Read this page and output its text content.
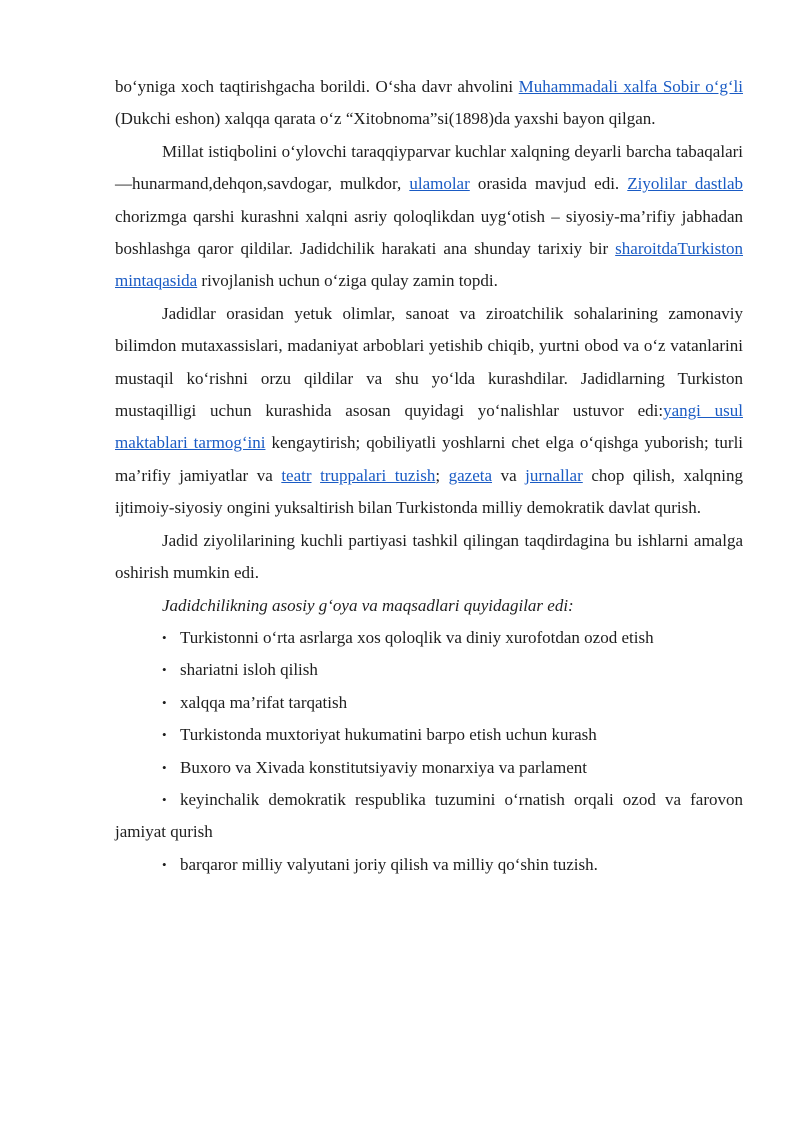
bo‘yniga xoch taqtirishgacha borildi. O‘sha davr ahvolini Muhammadali xalfa Sobir o‘g‘li (Dukchi eshon) xalqqa qarata o‘z “Xitobnoma”si(1898)da yaxshi bayon qilgan.

Millat istiqbolini o‘ylovchi taraqqiyparvar kuchlar xalqning deyarli barcha tabaqalari—hunarmand,dehqon,savdogar, mulkdor, ulamolar orasida mavjud edi. Ziyolilar dastlab chorizmga qarshi kurashni xalqni asriy qoloqlikdan uyg‘otish – siyosiy-ma’rifiy jabhadan boshlashga qaror qildilar. Jadidchilik harakati ana shunday tarixiy bir sharoitdaTurkiston mintaqasida rivojlanish uchun o‘ziga qulay zamin topdi.

Jadidlar orasidan yetuk olimlar, sanoat va ziroatchilik sohalarining zamonaviy bilimdon mutaxassislari, madaniyat arboblari yetishib chiqib, yurtni obod va o‘z vatanlarini mustaqil ko‘rishni orzu qildilar va shu yo‘lda kurashdilar. Jadidlarning Turkiston mustaqilligi uchun kurashida asosan quyidagi yo‘nalishlar ustuvor edi:yangi usul maktablari tarmog‘ini kengaytirish; qobiliyatli yoshlarni chet elga o‘qishga yuborish; turli ma’rifiy jamiyatlar va teatr truppalari tuzish; gazeta va jurnallar chop qilish, xalqning ijtimoiy-siyosiy ongini yuksaltirish bilan Turkistonda milliy demokratik davlat qurish.

Jadid ziyolilarining kuchli partiyasi tashkil qilingan taqdirdagina bu ishlarni amalga oshirish mumkin edi.

Jadidchilikning asosiy g‘oya va maqsadlari quyidagilar edi:

• Turkistonni o‘rta asrlarga xos qoloqlik va diniy xurofotdan ozod etish
• shariatni isloh qilish
• xalqqa ma’rifat tarqatish
• Turkistonda muxtoriyat hukumatini barpo etish uchun kurash
• Buxoro va Xivada konstitutsiyaviy monarxiya va parlament
• keyinchalik demokratik respublika tuzumini o‘rnatish orqali ozod va farovon jamiyat qurish
• barqaror milliy valyutani joriy qilish va milliy qo‘shin tuzish.
